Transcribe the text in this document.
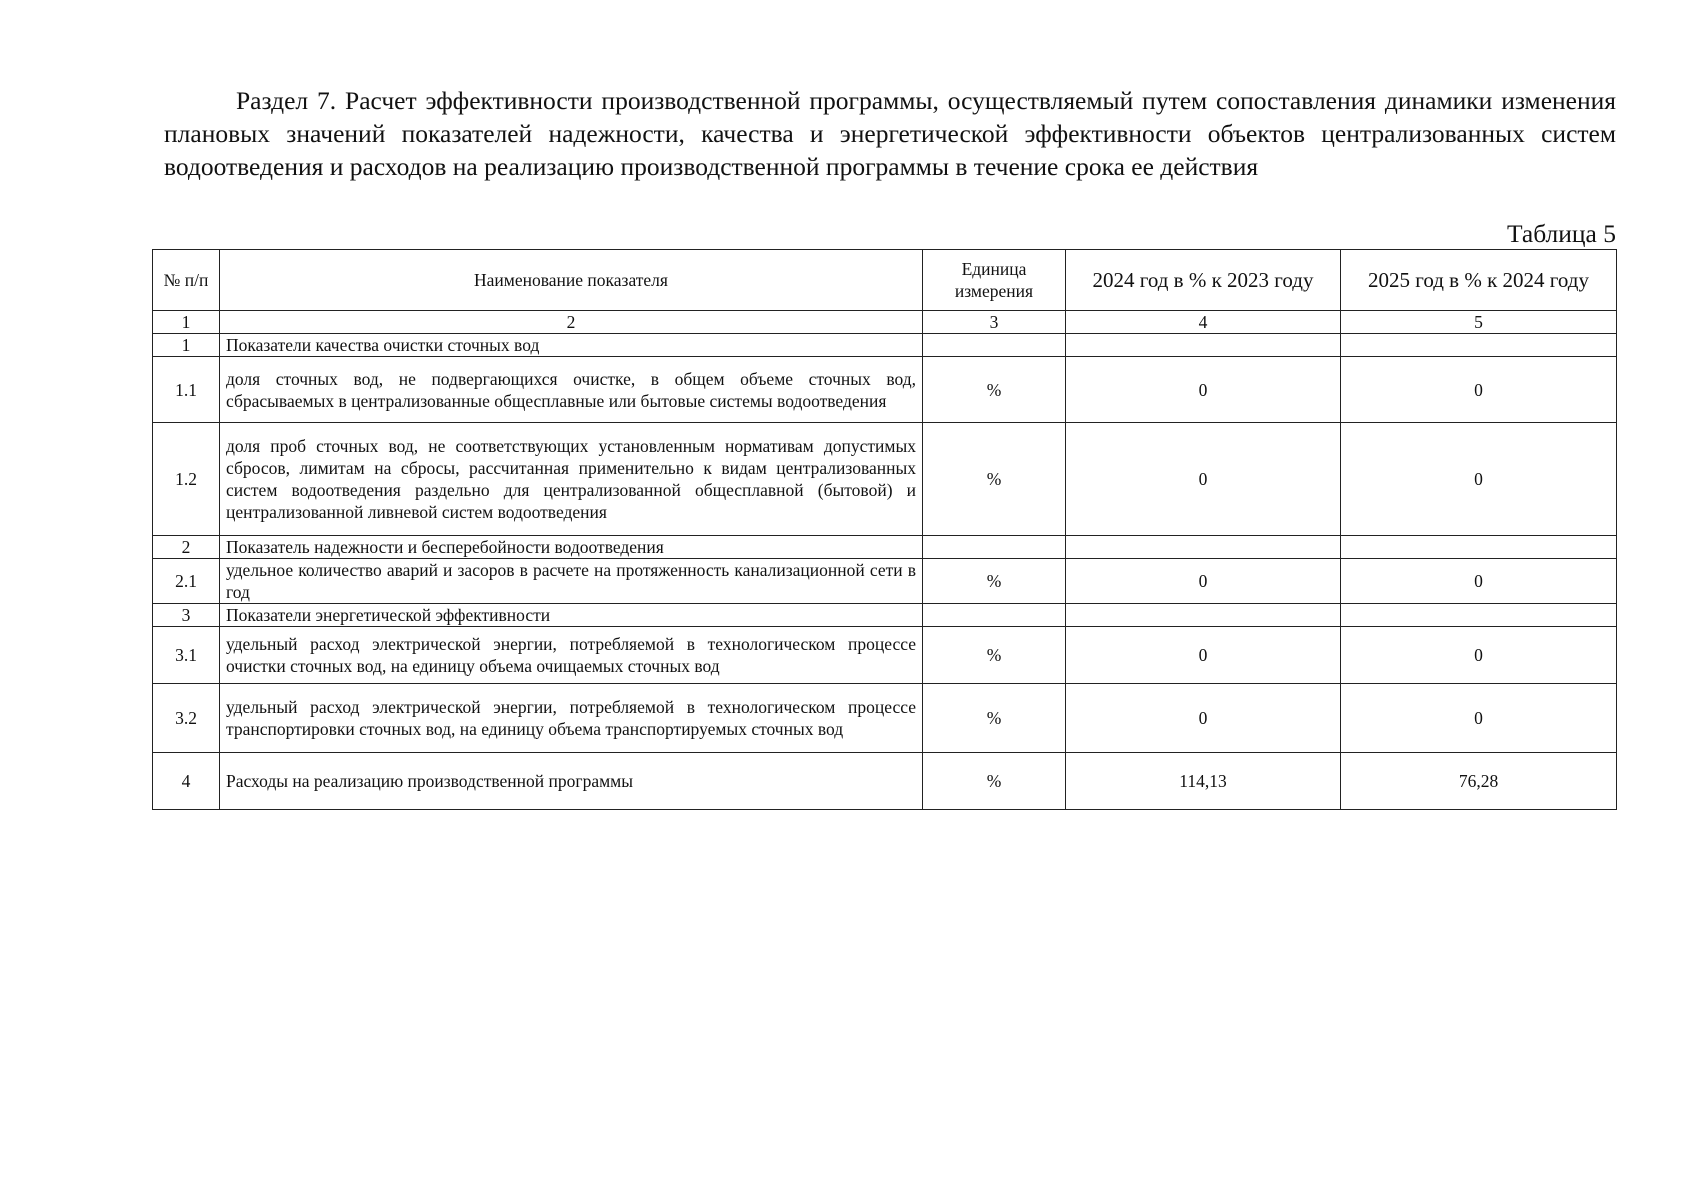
Раздел 7. Расчет эффективности производственной программы, осуществляемый путем сопоставления динамики изменения плановых значений показателей надежности, качества и энергетической эффективности объектов централизованных систем водоотведения и расходов на реализацию производственной программы в течение срока ее действия
Таблица 5
№ п/п	Наименование показателя	Единица измерения	2024 год в % к 2023 году	2025 год в % к 2024 году
1	2	3	4	5
1	Показатели качества очистки сточных вод			
1.1	доля сточных вод, не подвергающихся очистке, в общем объеме сточных вод, сбрасываемых в централизованные общесплавные или бытовые системы водоотведения	%	0	0
1.2	доля проб сточных вод, не соответствующих установленным нормативам допустимых сбросов, лимитам на сбросы, рассчитанная применительно к видам централизованных систем водоотведения раздельно для централизованной общесплавной (бытовой) и централизованной ливневой систем водоотведения	%	0	0
2	Показатель надежности и бесперебойности водоотведения			
2.1	удельное количество аварий и засоров в расчете на протяженность канализационной сети в год	%	0	0
3	Показатели энергетической эффективности			
3.1	удельный расход электрической энергии, потребляемой в технологическом процессе очистки сточных вод, на единицу объема очищаемых сточных вод	%	0	0
3.2	удельный расход электрической энергии, потребляемой в технологическом процессе транспортировки сточных вод, на единицу объема транспортируемых сточных вод	%	0	0
4	Расходы на реализацию производственной программы	%	114,13	76,28
